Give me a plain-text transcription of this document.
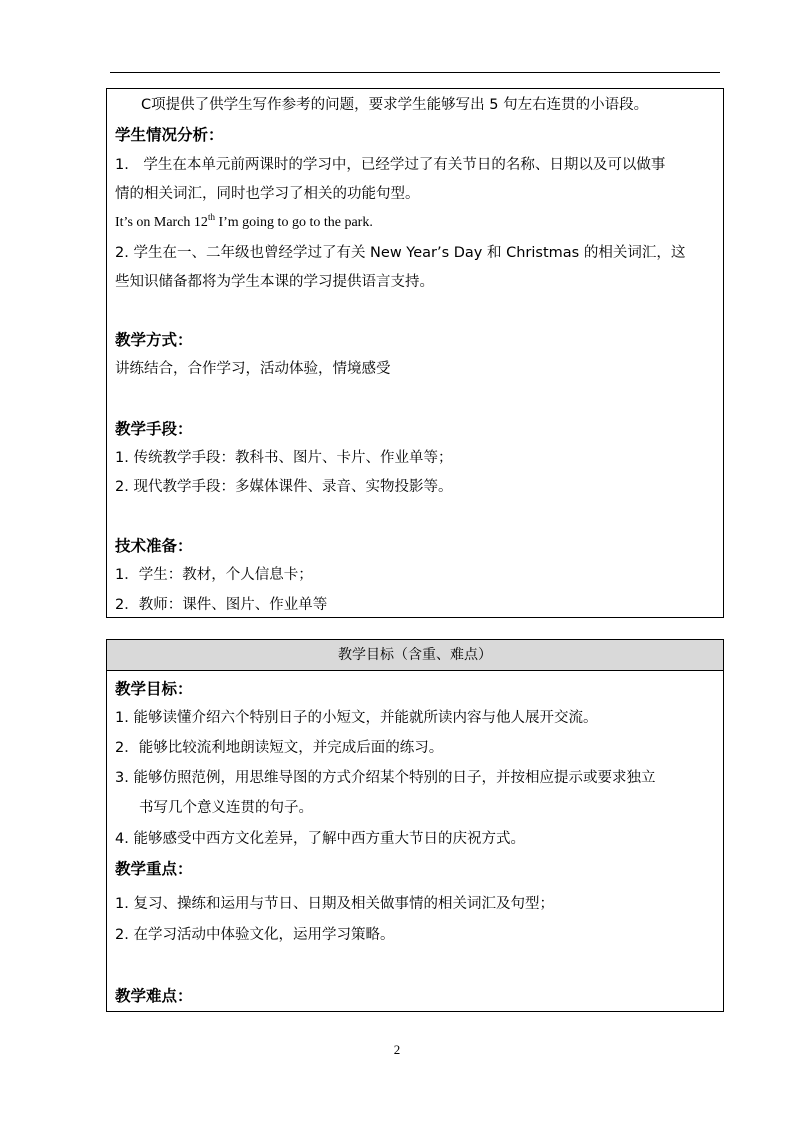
C项提供了供学生写作参考的问题，要求学生能够写出 5 句左右连贯的小语段。
学生情况分析：
1.　学生在本单元前两课时的学习中，已经学过了有关节日的名称、日期以及可以做事
情的相关词汇，同时也学习了相关的功能句型。
It’s on March 12th I’m going to go to the park.
2. 学生在一、二年级也曾经学过了有关 New Year’s Day 和 Christmas 的相关词汇，这
些知识储备都将为学生本课的学习提供语言支持。
教学方式：
讲练结合，合作学习，活动体验，情境感受
教学手段：
1. 传统教学手段：教科书、图片、卡片、作业单等；
2. 现代教学手段：多媒体课件、录音、实物投影等。
技术准备：
1．学生：教材，个人信息卡；
2．教师：课件、图片、作业单等
教学目标（含重、难点）
教学目标：
1. 能够读懂介绍六个特别日子的小短文，并能就所读内容与他人展开交流。
2．能够比较流利地朗读短文，并完成后面的练习。
3. 能够仿照范例，用思维导图的方式介绍某个特别的日子，并按相应提示或要求独立
书写几个意义连贯的句子。
4. 能够感受中西方文化差异，了解中西方重大节日的庆祝方式。
教学重点：
1. 复习、操练和运用与节日、日期及相关做事情的相关词汇及句型；
2. 在学习活动中体验文化，运用学习策略。
教学难点：
2
